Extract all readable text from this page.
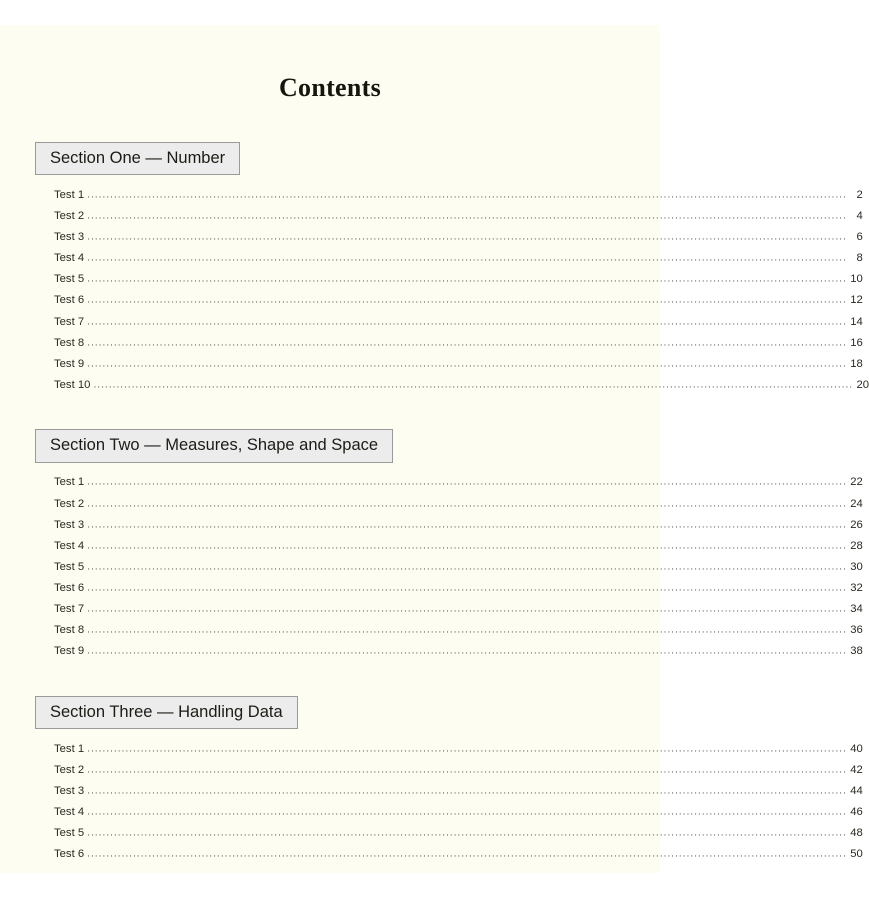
Contents
Section One — Number
Test 1 ....................................................................................................................................................................................................... 2
Test 2 ....................................................................................................................................................................................................... 4
Test 3 ....................................................................................................................................................................................................... 6
Test 4 ....................................................................................................................................................................................................... 8
Test 5 ....................................................................................................................................................................................................... 10
Test 6 ....................................................................................................................................................................................................... 12
Test 7 ....................................................................................................................................................................................................... 14
Test 8 ....................................................................................................................................................................................................... 16
Test 9 ....................................................................................................................................................................................................... 18
Test 10 ....................................................................................................................................................................................................... 20
Section Two — Measures, Shape and Space
Test 1 ....................................................................................................................................................................................................... 22
Test 2 ....................................................................................................................................................................................................... 24
Test 3 ....................................................................................................................................................................................................... 26
Test 4 ....................................................................................................................................................................................................... 28
Test 5 ....................................................................................................................................................................................................... 30
Test 6 ....................................................................................................................................................................................................... 32
Test 7 ....................................................................................................................................................................................................... 34
Test 8 ....................................................................................................................................................................................................... 36
Test 9 ....................................................................................................................................................................................................... 38
Section Three — Handling Data
Test 1 ....................................................................................................................................................................................................... 40
Test 2 ....................................................................................................................................................................................................... 42
Test 3 ....................................................................................................................................................................................................... 44
Test 4 ....................................................................................................................................................................................................... 46
Test 5 ....................................................................................................................................................................................................... 48
Test 6 ....................................................................................................................................................................................................... 50
